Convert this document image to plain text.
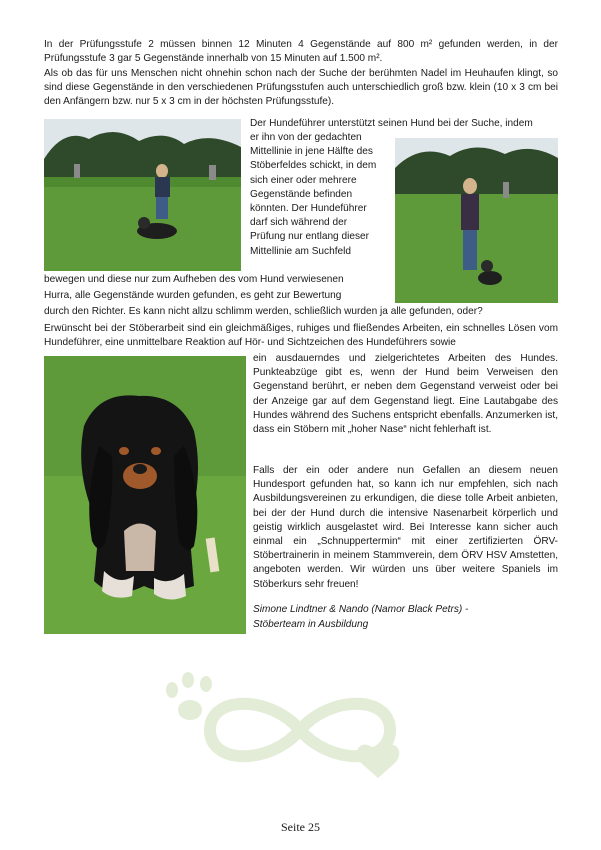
In der Prüfungsstufe 2 müssen binnen 12 Minuten 4 Gegenstände auf 800 m² gefunden werden, in der Prüfungsstufe 3 gar 5 Gegenstände innerhalb von 15 Minuten auf 1.500 m².

Als ob das für uns Menschen nicht ohnehin schon nach der Suche der berühmten Nadel im Heuhaufen klingt, so sind diese Gegenstände in den verschiedenen Prüfungsstufen auch unterschiedlich groß bzw. klein (10 x 3 cm bei den Anfängern bzw. nur 5 x 3 cm in der höchsten Prüfungsstufe).

Der Hundeführer unterstützt seinen Hund bei der Suche, indem

er ihn von der gedachten
Mittellinie in jene Hälfte des
Stöberfeldes schickt, in dem
sich einer oder mehrere
Gegenstände befinden
könnten. Der Hundeführer
darf sich während der
Prüfung nur entlang dieser
Mittellinie am Suchfeld

bewegen und diese nur zum Aufheben des vom Hund verwiesenen

Hurra, alle Gegenstände wurden gefunden, es geht zur Bewertung

durch den Richter. Es kann nicht allzu schlimm werden, schließlich wurden ja alle gefunden, oder?

Erwünscht bei der Stöberarbeit sind ein gleichmäßiges, ruhiges und fließendes Arbeiten, ein schnelles Lösen vom Hundeführer, eine unmittelbare Reaktion auf Hör- und Sichtzeichen des Hundeführers sowie

ein ausdauerndes und zielgerichtetes Arbeiten des Hundes. Punkteabzüge gibt es, wenn der Hund beim Verweisen den Gegenstand berührt, er neben dem Gegenstand verweist oder bei der Anzeige gar auf dem Gegenstand liegt. Eine Lautabgabe des Hundes während des Suchens entspricht ebenfalls. Anzumerken ist, dass ein Stöbern mit „hoher Nase“ nicht fehlerhaft ist.

Falls der ein oder andere nun Gefallen an diesem neuen Hundesport gefunden hat, so kann ich nur empfehlen, sich nach Ausbildungsvereinen zu erkundigen, die diese tolle Arbeit anbieten, bei der der Hund durch die intensive Nasenarbeit körperlich und geistig wirklich ausgelastet wird. Bei Interesse kann sicher auch einmal ein „Schnuppertermin“ mit einer zertifizierten ÖRV-Stöbertrainerin in meinem Stammverein, dem ÖRV HSV Amstetten, angeboten werden. Wir würden uns über weitere Spaniels im Stöberkurs sehr freuen!

Simone Lindtner & Nando (Namor Black Petrs) -
Stöberteam in Ausbildung
Seite 25
